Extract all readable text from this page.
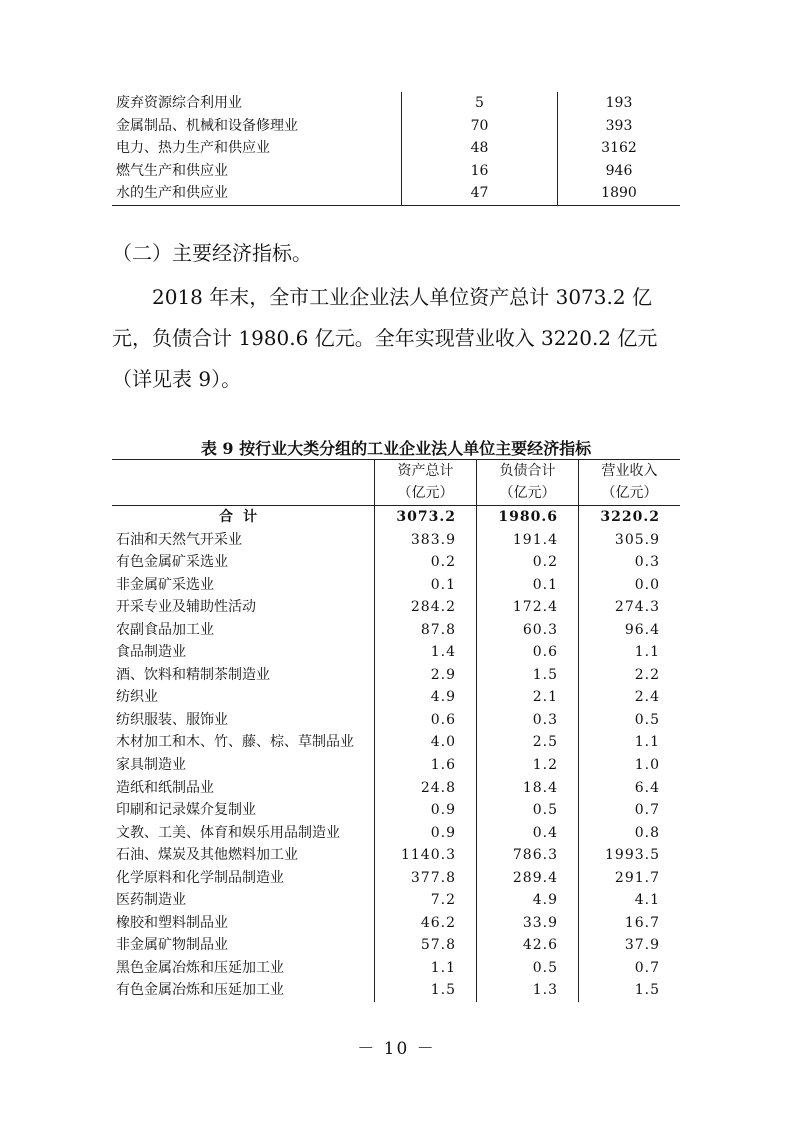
废弃资源综合利用业	5	193
金属制品、机械和设备修理业	70	393
电力、热力生产和供应业	48	3162
燃气生产和供应业	16	946
水的生产和供应业	47	1890

（二）主要经济指标。

2018 年末，全市工业企业法人单位资产总计 3073.2 亿元，负债合计 1980.6 亿元。全年实现营业收入 3220.2 亿元（详见表 9）。

表 9 按行业大类分组的工业企业法人单位主要经济指标
	资产总计	负债合计	营业收入
	（亿元）	（亿元）	（亿元）
合计	3073.2	1980.6	3220.2
石油和天然气开采业	383.9	191.4	305.9
有色金属矿采选业	0.2	0.2	0.3
非金属矿采选业	0.1	0.1	0.0
开采专业及辅助性活动	284.2	172.4	274.3
农副食品加工业	87.8	60.3	96.4
食品制造业	1.4	0.6	1.1
酒、饮料和精制茶制造业	2.9	1.5	2.2
纺织业	4.9	2.1	2.4
纺织服装、服饰业	0.6	0.3	0.5
木材加工和木、竹、藤、棕、草制品业	4.0	2.5	1.1
家具制造业	1.6	1.2	1.0
造纸和纸制品业	24.8	18.4	6.4
印刷和记录媒介复制业	0.9	0.5	0.7
文教、工美、体育和娱乐用品制造业	0.9	0.4	0.8
石油、煤炭及其他燃料加工业	1140.3	786.3	1993.5
化学原料和化学制品制造业	377.8	289.4	291.7
医药制造业	7.2	4.9	4.1
橡胶和塑料制品业	46.2	33.9	16.7
非金属矿物制品业	57.8	42.6	37.9
黑色金属冶炼和压延加工业	1.1	0.5	0.7
有色金属冶炼和压延加工业	1.5	1.3	1.5
－ 10 －
